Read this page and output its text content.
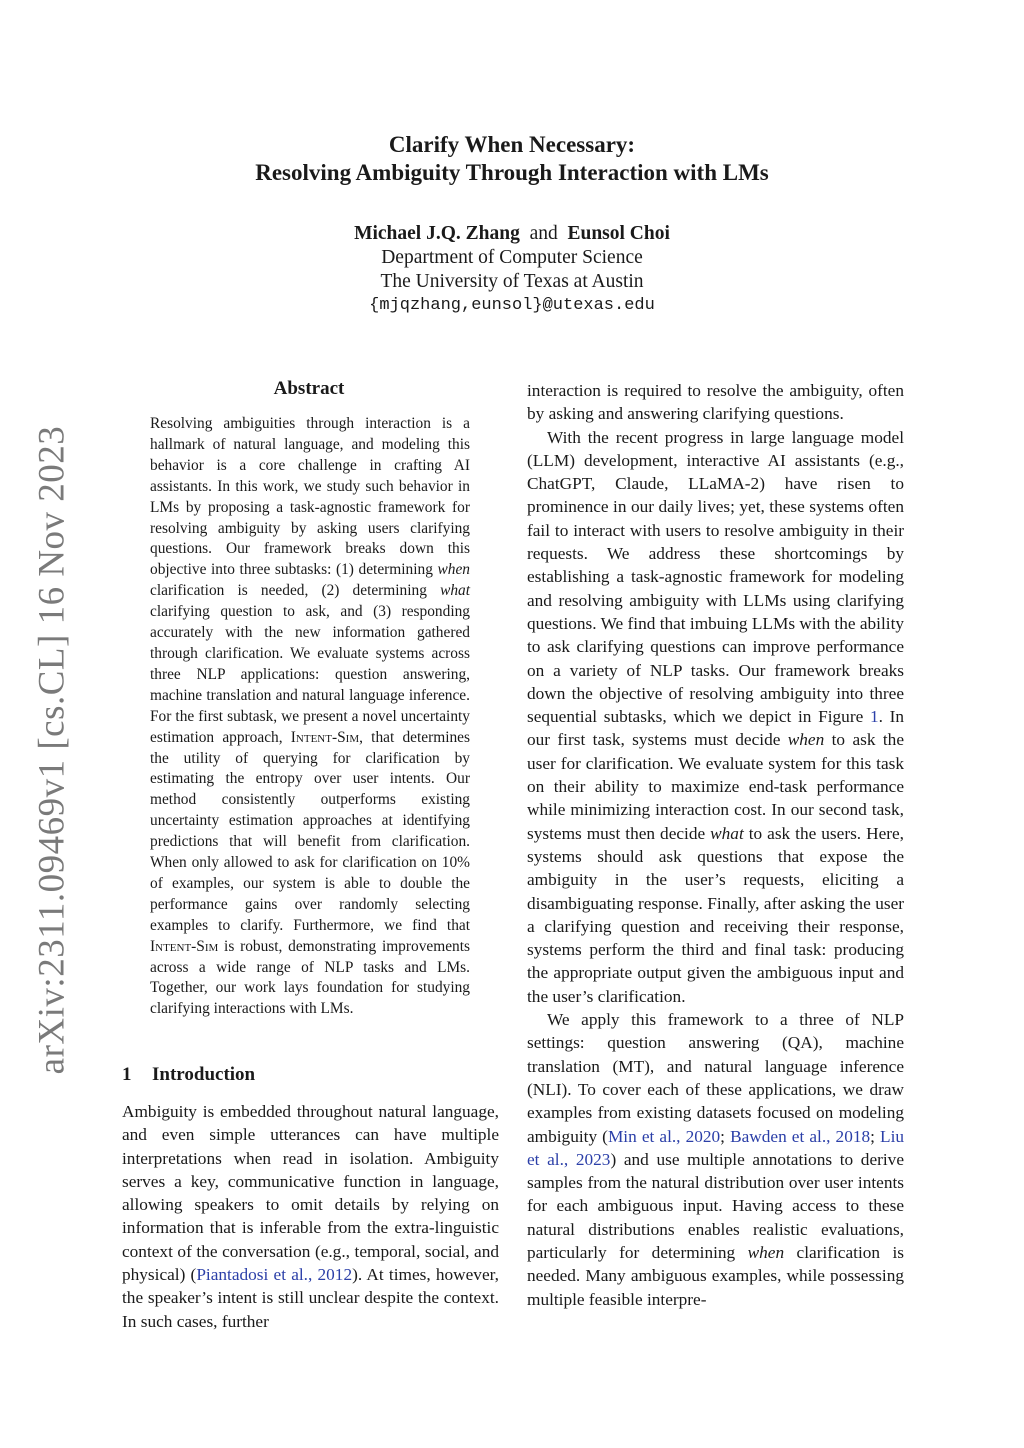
arXiv:2311.09469v1 [cs.CL] 16 Nov 2023
Clarify When Necessary:
Resolving Ambiguity Through Interaction with LMs
Michael J.Q. Zhang and Eunsol Choi
Department of Computer Science
The University of Texas at Austin
{mjqzhang,eunsol}@utexas.edu
Abstract

Resolving ambiguities through interaction is a hallmark of natural language, and modeling this behavior is a core challenge in crafting AI assistants. In this work, we study such behavior in LMs by proposing a task-agnostic framework for resolving ambiguity by asking users clarifying questions. Our framework breaks down this objective into three subtasks: (1) determining when clarification is needed, (2) determining what clarifying question to ask, and (3) responding accurately with the new information gathered through clarification. We evaluate systems across three NLP applications: question answering, machine translation and natural language inference. For the first subtask, we present a novel uncertainty estimation approach, Intent-Sim, that determines the utility of querying for clarification by estimating the entropy over user intents. Our method consistently outperforms existing uncertainty estimation approaches at identifying predictions that will benefit from clarification. When only allowed to ask for clarification on 10% of examples, our system is able to double the performance gains over randomly selecting examples to clarify. Furthermore, we find that Intent-Sim is robust, demonstrating improvements across a wide range of NLP tasks and LMs. Together, our work lays foundation for studying clarifying interactions with LMs.

1 Introduction

Ambiguity is embedded throughout natural language, and even simple utterances can have multiple interpretations when read in isolation. Ambiguity serves a key, communicative function in language, allowing speakers to omit details by relying on information that is inferable from the extra-linguistic context of the conversation (e.g., temporal, social, and physical) (Piantadosi et al., 2012). At times, however, the speaker’s intent is still unclear despite the context. In such cases, further

interaction is required to resolve the ambiguity, often by asking and answering clarifying questions.

With the recent progress in large language model (LLM) development, interactive AI assistants (e.g., ChatGPT, Claude, LLaMA-2) have risen to prominence in our daily lives; yet, these systems often fail to interact with users to resolve ambiguity in their requests. We address these shortcomings by establishing a task-agnostic framework for modeling and resolving ambiguity with LLMs using clarifying questions. We find that imbuing LLMs with the ability to ask clarifying questions can improve performance on a variety of NLP tasks. Our framework breaks down the objective of resolving ambiguity into three sequential subtasks, which we depict in Figure 1. In our first task, systems must decide when to ask the user for clarification. We evaluate system for this task on their ability to maximize end-task performance while minimizing interaction cost. In our second task, systems must then decide what to ask the users. Here, systems should ask questions that expose the ambiguity in the user’s requests, eliciting a disambiguating response. Finally, after asking the user a clarifying question and receiving their response, systems perform the third and final task: producing the appropriate output given the ambiguous input and the user’s clarification.

We apply this framework to a three of NLP settings: question answering (QA), machine translation (MT), and natural language inference (NLI). To cover each of these applications, we draw examples from existing datasets focused on modeling ambiguity (Min et al., 2020; Bawden et al., 2018; Liu et al., 2023) and use multiple annotations to derive samples from the natural distribution over user intents for each ambiguous input. Having access to these natural distributions enables realistic evaluations, particularly for determining when clarification is needed. Many ambiguous examples, while possessing multiple feasible interpre-
